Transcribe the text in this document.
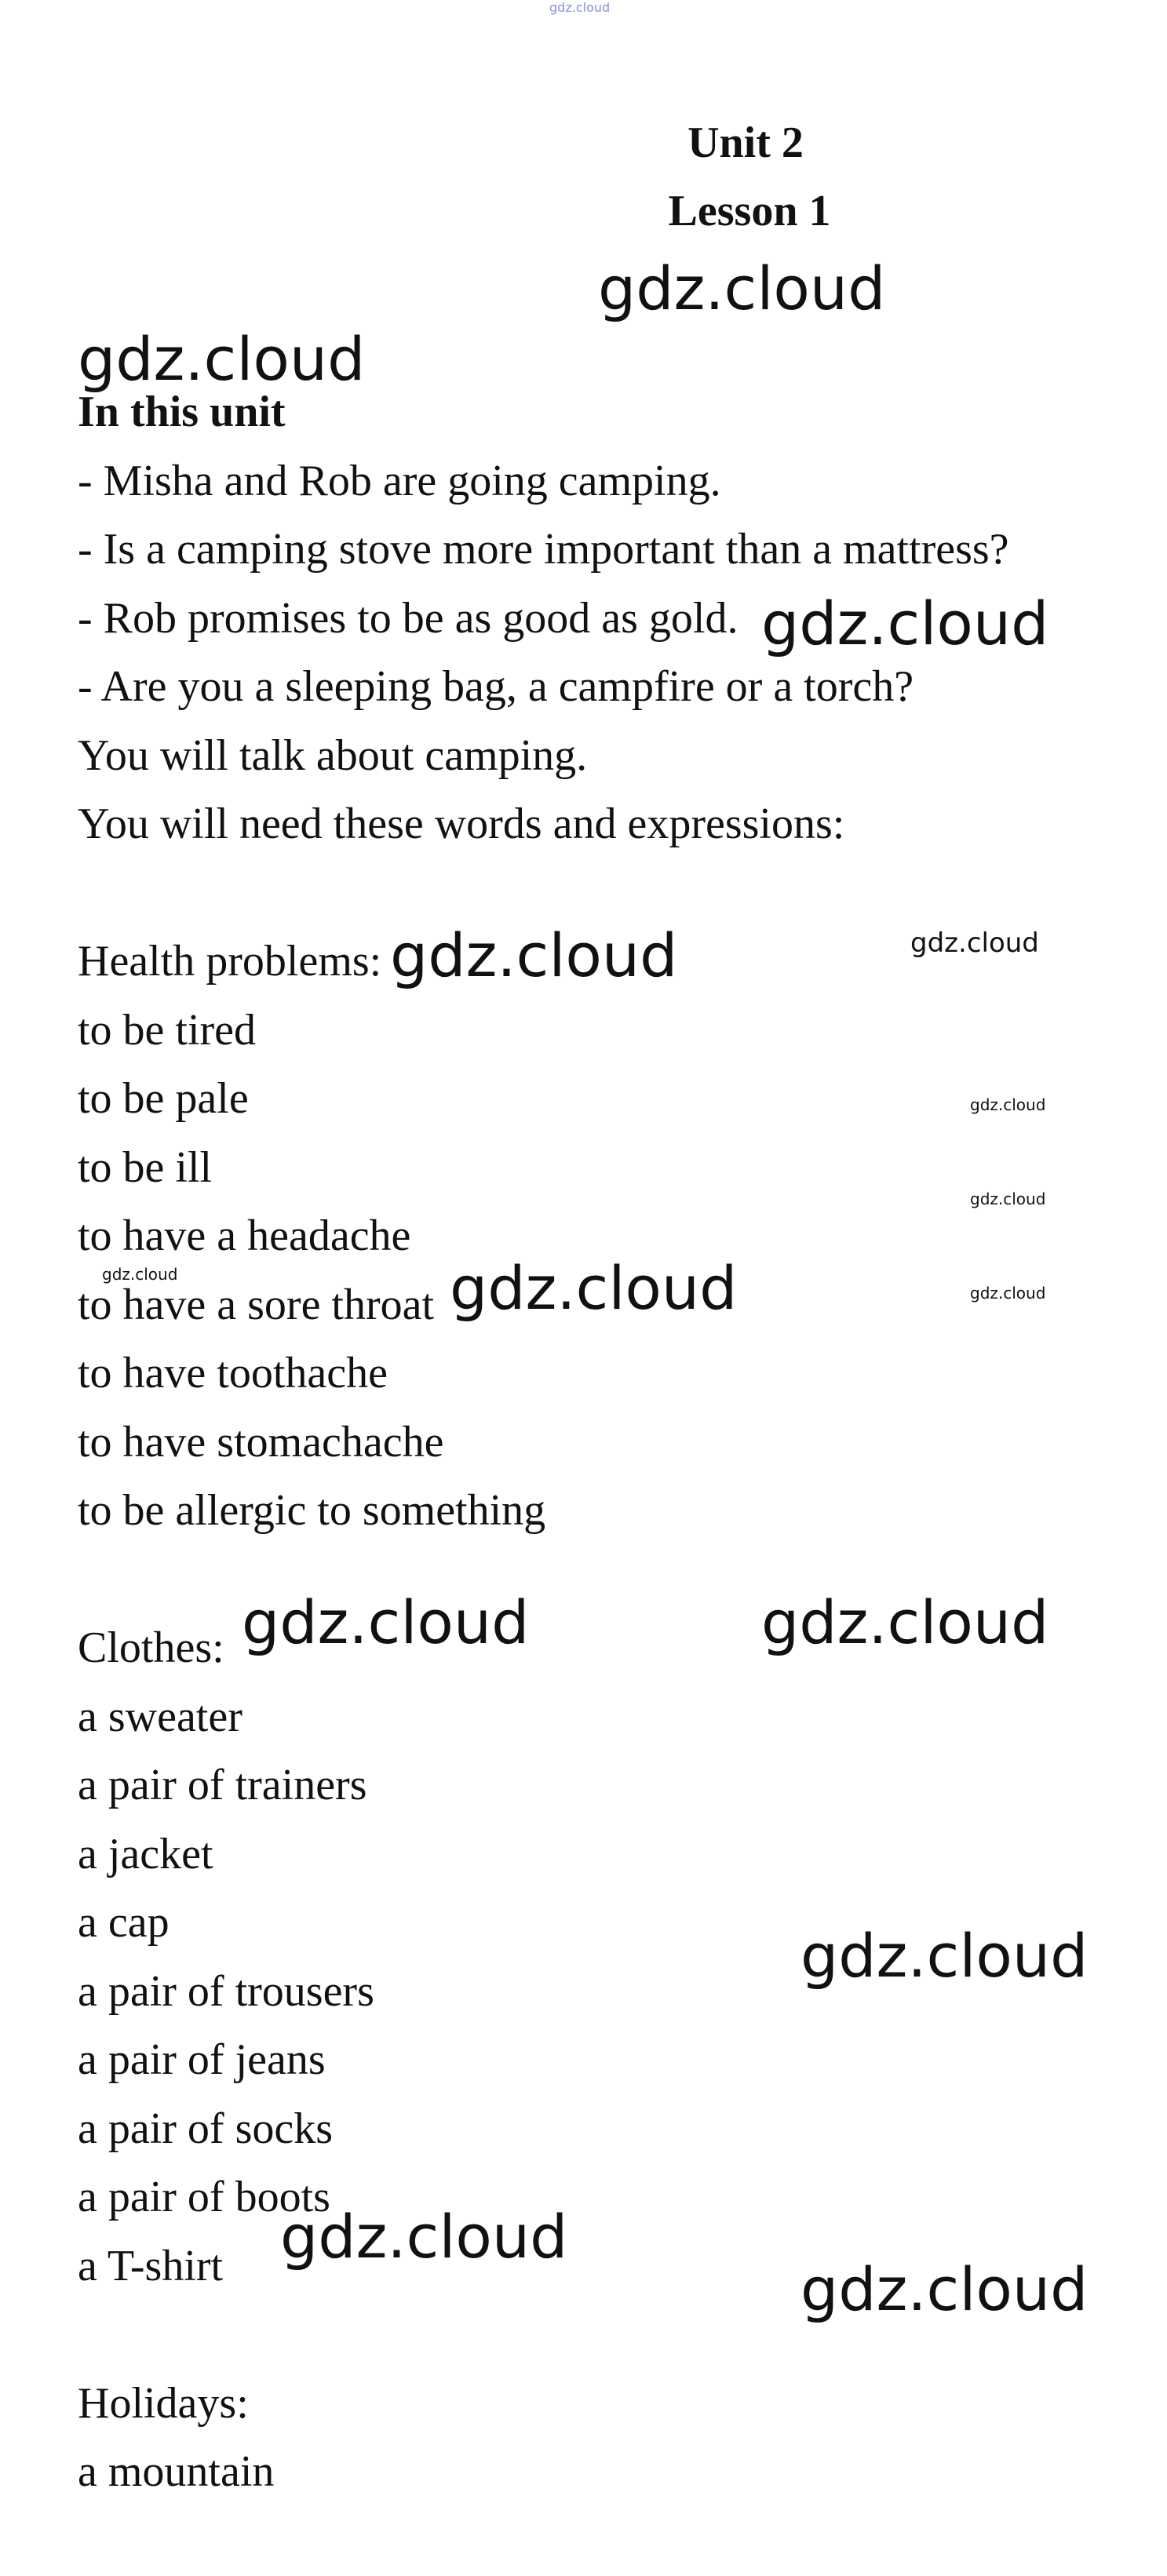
gdz.cloud
Unit 2
Lesson 1
In this unit
- Misha and Rob are going camping.
- Is a camping stove more important than a mattress?
- Rob promises to be as good as gold.
- Are you a sleeping bag, a campfire or a torch?
You will talk about camping.
You will need these words and expressions:
Health problems:
to be tired
to be pale
to be ill
to have a headache
to have a sore throat
to have toothache
to have stomachache
to be allergic to something
Clothes:
a sweater
a pair of trainers
a jacket
a cap
a pair of trousers
a pair of jeans
a pair of socks
a pair of boots
a T-shirt
Holidays:
a mountain
gdz.cloud
gdz.cloud
gdz.cloud
gdz.cloud	gdz.cloud
gdz.cloud
gdz.cloud
gdz.cloud	gdz.cloud	gdz.cloud
gdz.cloud	gdz.cloud
gdz.cloud
gdz.cloud
gdz.cloud
